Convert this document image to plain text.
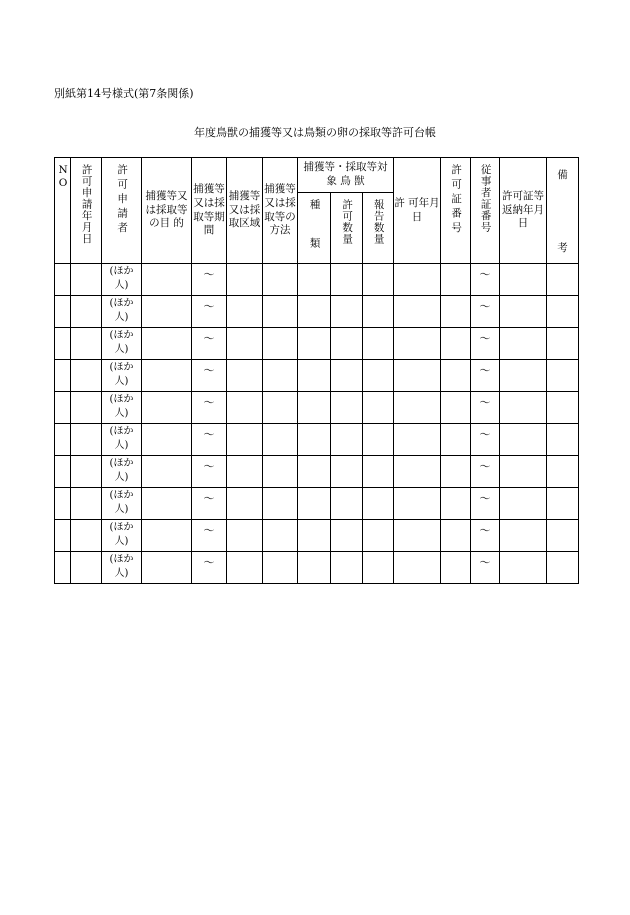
別紙第14号様式(第7条関係)
年度鳥獣の捕獲等又は鳥類の卵の採取等許可台帳
NO	許可申請年月日	許可申請者	捕獲等又は採取等の目 的	捕獲等又は採取等期間	捕獲等又は採取区域	捕獲等又は採取等の方法	捕獲等・採取等対 象 鳥 獣			許 可年月日	許可証番号	従事者証番号	許可証等返納年月日	備
考

							種 類	許可数量	報告数量					

		(ほか 人)		～								～		

		(ほか 人)		～								～		

		(ほか 人)		～								～		

		(ほか 人)		～								～		

		(ほか 人)		～								～		

		(ほか 人)		～								～		

		(ほか 人)		～								～		

		(ほか 人)		～								～		

		(ほか 人)		～								～		

		(ほか 人)		～								～		
